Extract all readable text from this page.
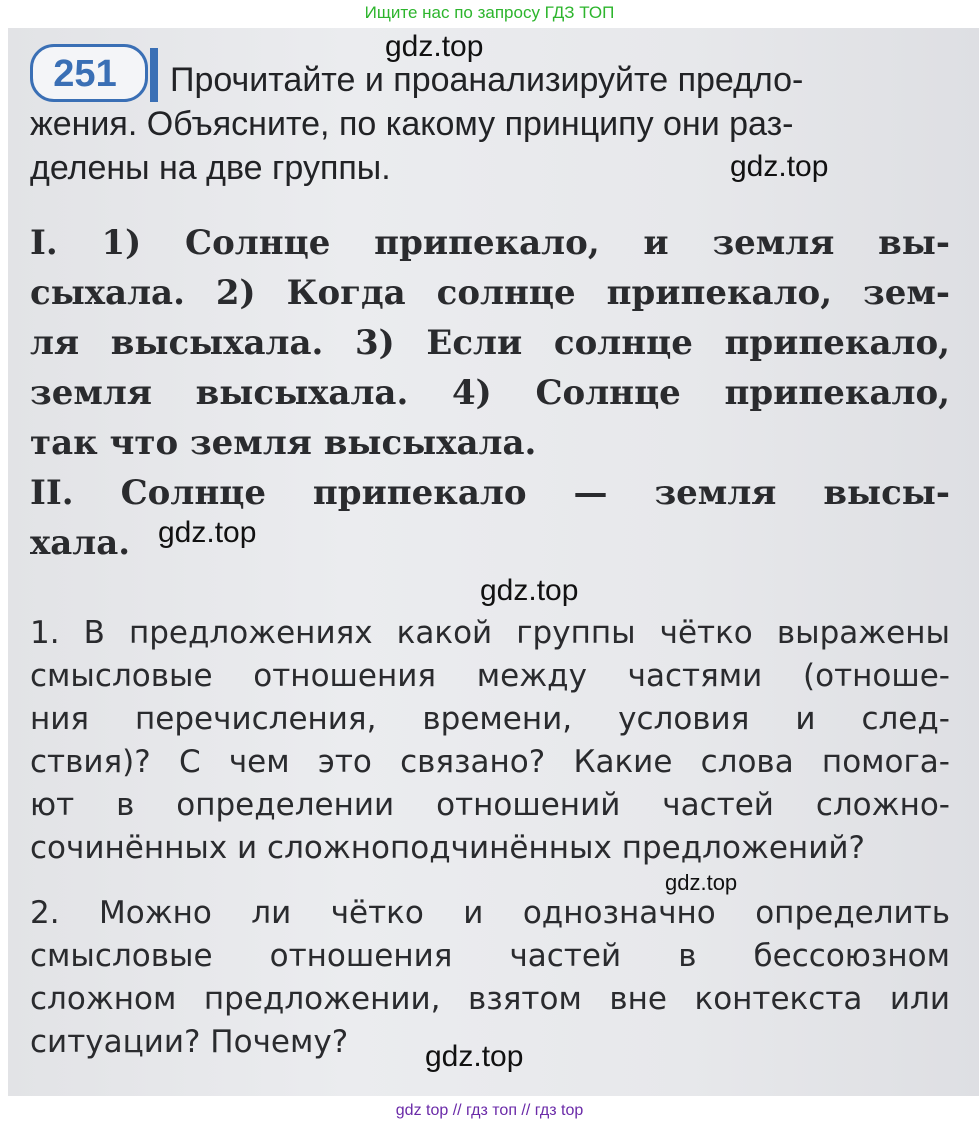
Ищите нас по запросу ГДЗ ТОП
251	Прочитайте и проанализируйте предло-
жения. Объясните, по какому принципу они раз-
делены на две группы.
I. 1) Солнце припекало, и земля вы-
сыхала. 2) Когда солнце припекало, зем-
ля высыхала. 3) Если солнце припекало,
земля высыхала. 4) Солнце припекало,
так что земля высыхала.
II. Солнце припекало — земля высы-
хала.
1. В предложениях какой группы чётко выражены
смысловые отношения между частями (отноше-
ния перечисления, времени, условия и след-
ствия)? С чем это связано? Какие слова помога-
ют в определении отношений частей сложно-
сочинённых и сложноподчинённых предложений?
2. Можно ли чётко и однозначно определить
смысловые отношения частей в бессоюзном
сложном предложении, взятом вне контекста или
ситуации? Почему?
gdz.top
gdz.top
gdz.top
gdz.top
gdz.top
gdz.top
gdz top // гдз топ // гдз top
